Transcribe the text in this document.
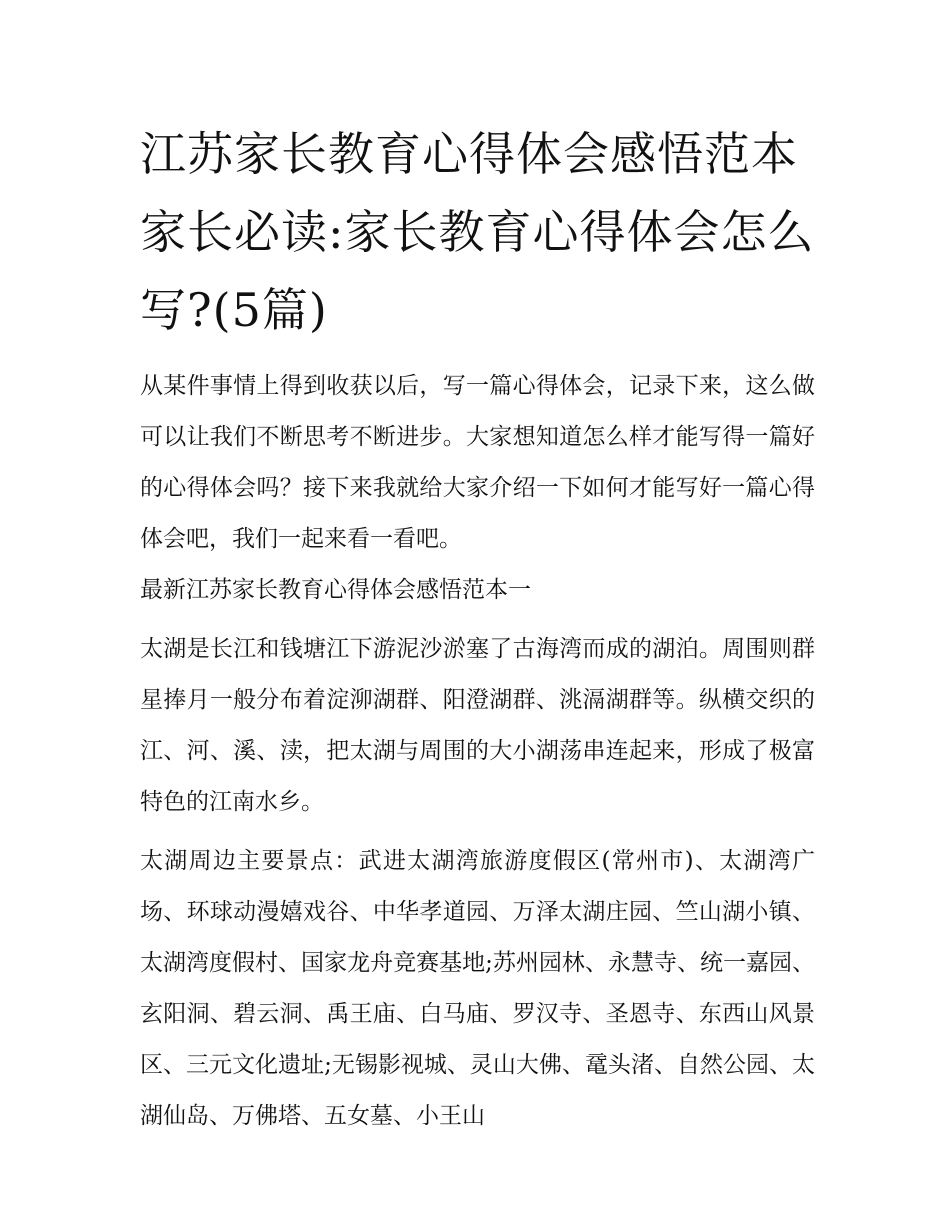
江苏家长教育心得体会感悟范本 家长必读:家长教育心得体会怎么写?(5篇)

从某件事情上得到收获以后，写一篇心得体会，记录下来，这么做可以让我们不断思考不断进步。大家想知道怎么样才能写得一篇好的心得体会吗？接下来我就给大家介绍一下如何才能写好一篇心得体会吧，我们一起来看一看吧。

最新江苏家长教育心得体会感悟范本一

太湖是长江和钱塘江下游泥沙淤塞了古海湾而成的湖泊。周围则群星捧月一般分布着淀泖湖群、阳澄湖群、洮滆湖群等。纵横交织的江、河、溪、渎，把太湖与周围的大小湖荡串连起来，形成了极富特色的江南水乡。

太湖周边主要景点：武进太湖湾旅游度假区(常州市)、太湖湾广场、环球动漫嬉戏谷、中华孝道园、万泽太湖庄园、竺山湖小镇、太湖湾度假村、国家龙舟竞赛基地;苏州园林、永慧寺、统一嘉园、玄阳洞、碧云洞、禹王庙、白马庙、罗汉寺、圣恩寺、东西山风景区、三元文化遗址;无锡影视城、灵山大佛、鼋头渚、自然公园、太湖仙岛、万佛塔、五女墓、小王山
